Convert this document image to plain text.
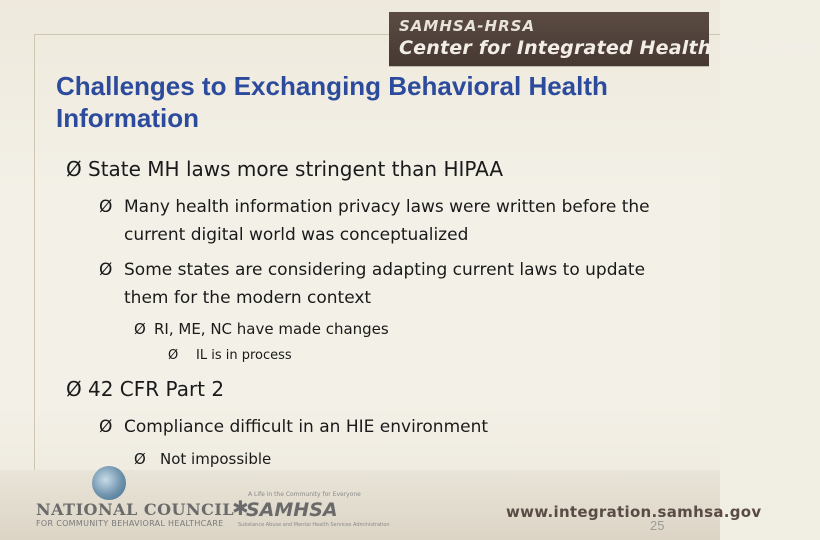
SAMHSA-HRSA
Center for Integrated Health Solutions
Challenges to Exchanging Behavioral Health Information
Ø State MH laws more stringent than HIPAA
Ø Many health information privacy laws were written before the current digital world was conceptualized
Ø Some states are considering adapting current laws to update them for the modern context
Ø RI, ME, NC have made changes
Ø	IL is in process
Ø 42 CFR Part 2
Ø Compliance difficult in an HIE environment
Ø Not impossible
NATIONAL COUNCIL
FOR COMMUNITY BEHAVIORAL HEALTHCARE
A Life in the Community for Everyone
✱
SAMHSA
Substance Abuse and Mental Health Services Administration
www.integration.samhsa.gov
25
